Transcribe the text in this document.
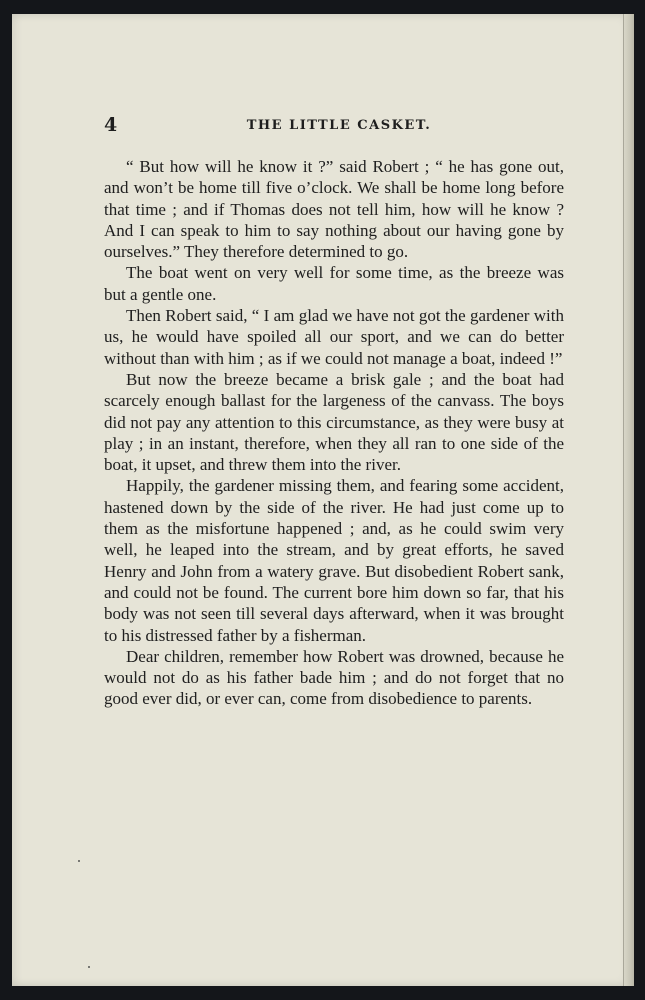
4	THE LITTLE CASKET.

“ But how will he know it ?” said Robert ; “ he has gone out, and won’t be home till five o’clock. We shall be home long before that time ; and if Thomas does not tell him, how will he know ? And I can speak to him to say nothing about our having gone by ourselves.” They therefore determined to go.

The boat went on very well for some time, as the breeze was but a gentle one.

Then Robert said, “ I am glad we have not got the gardener with us, he would have spoiled all our sport, and we can do better without than with him ; as if we could not manage a boat, indeed !”

But now the breeze became a brisk gale ; and the boat had scarcely enough ballast for the largeness of the canvass. The boys did not pay any attention to this circumstance, as they were busy at play ; in an instant, therefore, when they all ran to one side of the boat, it upset, and threw them into the river.

Happily, the gardener missing them, and fearing some accident, hastened down by the side of the river. He had just come up to them as the misfortune happened ; and, as he could swim very well, he leaped into the stream, and by great efforts, he saved Henry and John from a watery grave. But disobedient Robert sank, and could not be found. The current bore him down so far, that his body was not seen till several days afterward, when it was brought to his distressed father by a fisherman.

Dear children, remember how Robert was drowned, because he would not do as his father bade him ; and do not forget that no good ever did, or ever can, come from disobedience to parents.
